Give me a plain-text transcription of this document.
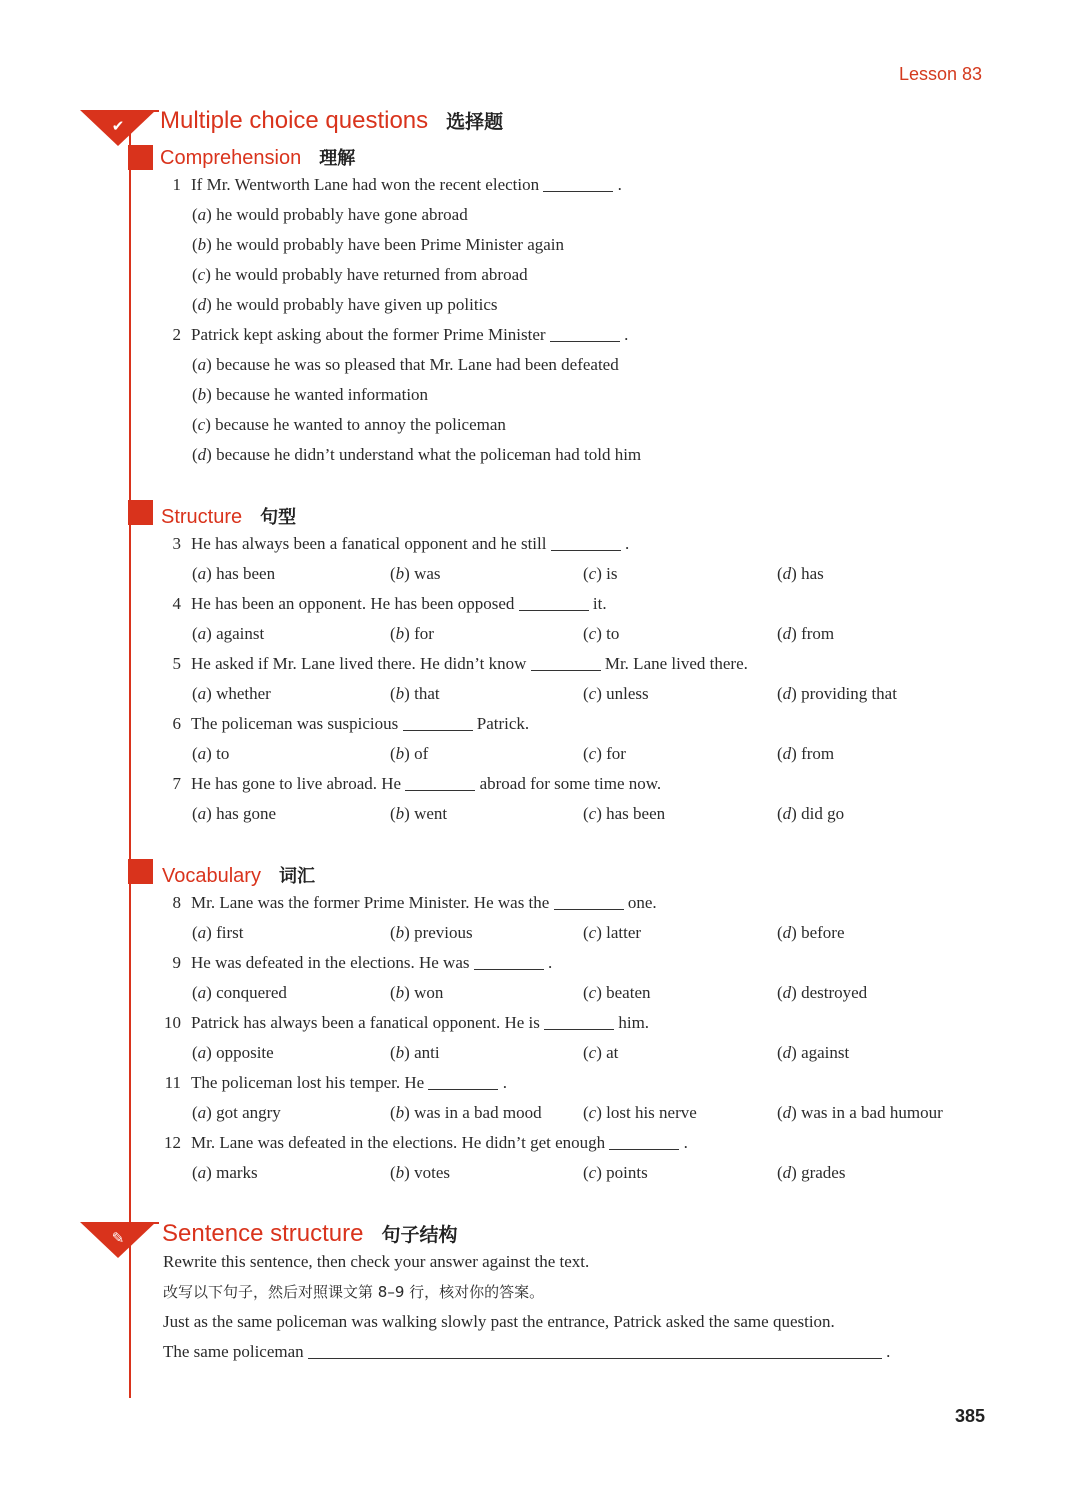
Lesson 83
✔	Multiple choice questions 选择题
Comprehension 理解
1 If Mr. Wentworth Lane had won the recent election	.
(a) he would probably have gone abroad
(b) he would probably have been Prime Minister again
(c) he would probably have returned from abroad
(d) he would probably have given up politics
2 Patrick kept asking about the former Prime Minister	.
(a) because he was so pleased that Mr. Lane had been defeated
(b) because he wanted information
(c) because he wanted to annoy the policeman
(d) because he didn’t understand what the policeman had told him
Structure 句型
3 He has always been a fanatical opponent and he still	.
(a) has been	(b) was	(c) is	(d) has
4 He has been an opponent. He has been opposed	it.
(a) against	(b) for	(c) to	(d) from
5 He asked if Mr. Lane lived there. He didn’t know	Mr. Lane lived there.
(a) whether	(b) that	(c) unless	(d) providing that
6 The policeman was suspicious	Patrick.
(a) to	(b) of	(c) for	(d) from
7 He has gone to live abroad. He	abroad for some time now.
(a) has gone	(b) went	(c) has been	(d) did go
Vocabulary 词汇
8 Mr. Lane was the former Prime Minister. He was the	one.
(a) first	(b) previous	(c) latter	(d) before
9 He was defeated in the elections. He was	.
(a) conquered	(b) won	(c) beaten	(d) destroyed
10 Patrick has always been a fanatical opponent. He is	him.
(a) opposite	(b) anti	(c) at	(d) against
11 The policeman lost his temper. He	.
(a) got angry	(b) was in a bad mood (c) lost his nerve	(d) was in a bad humour
12 Mr. Lane was defeated in the elections. He didn’t get enough	.
(a) marks	(b) votes	(c) points	(d) grades
✎	Sentence structure 句子结构
Rewrite this sentence, then check your answer against the text.
改写以下句子，然后对照课文第 8–9 行，核对你的答案。
Just as the same policeman was walking slowly past the entrance, Patrick asked the same question.
The same policeman	.
385
